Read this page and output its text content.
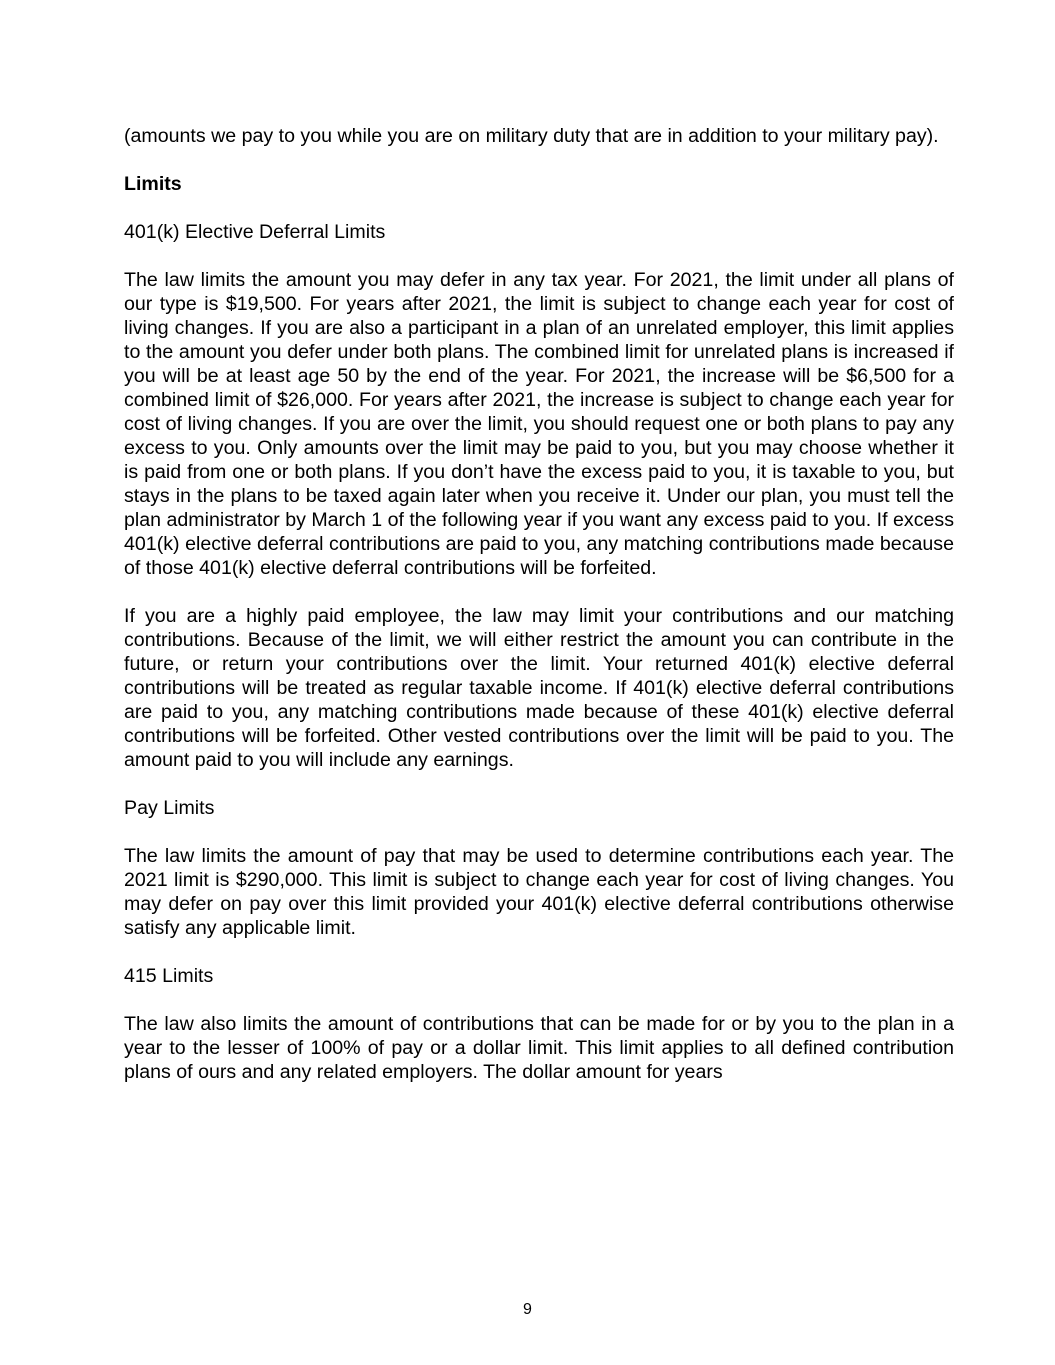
(amounts we pay to you while you are on military duty that are in addition to your military pay).

Limits

401(k) Elective Deferral Limits

The law limits the amount you may defer in any tax year. For 2021, the limit under all plans of our type is $19,500. For years after 2021, the limit is subject to change each year for cost of living changes. If you are also a participant in a plan of an unrelated employer, this limit applies to the amount you defer under both plans. The combined limit for unrelated plans is increased if you will be at least age 50 by the end of the year. For 2021, the increase will be $6,500 for a combined limit of $26,000. For years after 2021, the increase is subject to change each year for cost of living changes. If you are over the limit, you should request one or both plans to pay any excess to you. Only amounts over the limit may be paid to you, but you may choose whether it is paid from one or both plans. If you don’t have the excess paid to you, it is taxable to you, but stays in the plans to be taxed again later when you receive it. Under our plan, you must tell the plan administrator by March 1 of the following year if you want any excess paid to you. If excess 401(k) elective deferral contributions are paid to you, any matching contributions made because of those 401(k) elective deferral contributions will be forfeited.

If you are a highly paid employee, the law may limit your contributions and our matching contributions. Because of the limit, we will either restrict the amount you can contribute in the future, or return your contributions over the limit. Your returned 401(k) elective deferral contributions will be treated as regular taxable income. If 401(k) elective deferral contributions are paid to you, any matching contributions made because of these 401(k) elective deferral contributions will be forfeited. Other vested contributions over the limit will be paid to you. The amount paid to you will include any earnings.

Pay Limits

The law limits the amount of pay that may be used to determine contributions each year. The 2021 limit is $290,000. This limit is subject to change each year for cost of living changes. You may defer on pay over this limit provided your 401(k) elective deferral contributions otherwise satisfy any applicable limit.

415 Limits

The law also limits the amount of contributions that can be made for or by you to the plan in a year to the lesser of 100% of pay or a dollar limit. This limit applies to all defined contribution plans of ours and any related employers. The dollar amount for years

9
